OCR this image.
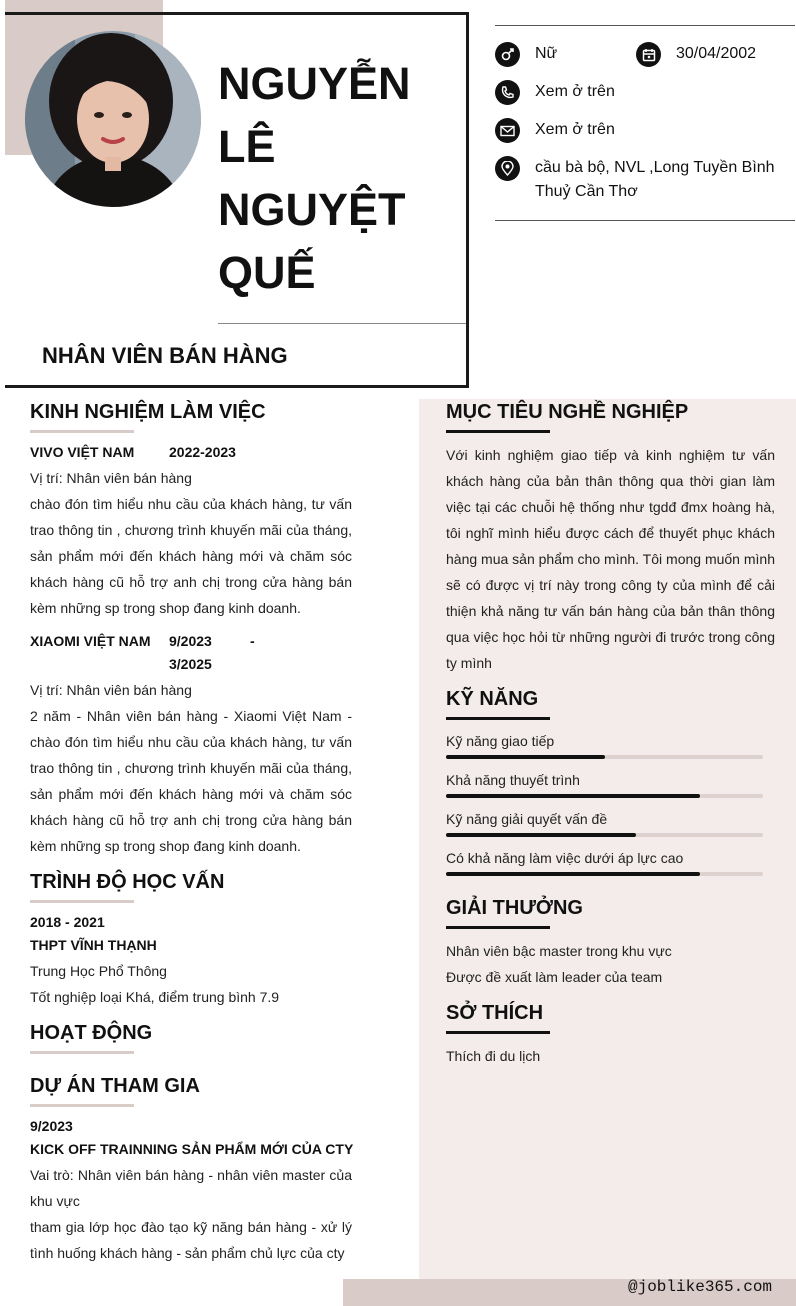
NGUYỄN
LÊ
NGUYỆT
QUẾ
NHÂN VIÊN BÁN HÀNG
Nữ	30/04/2002
Xem ở trên
Xem ở trên
cầu bà bộ, NVL ,Long Tuyền Bình Thuỷ Cần Thơ
KINH NGHIỆM LÀM VIỆC
VIVO VIỆT NAM 2022-2023
Vị trí: Nhân viên bán hàng
chào đón tìm hiểu nhu cầu của khách hàng, tư vấn trao thông tin , chương trình khuyến mãi của tháng, sản phẩm mới đến khách hàng mới và chăm sóc khách hàng cũ hỗ trợ anh chị trong cửa hàng bán kèm những sp trong shop đang kinh doanh.
XIAOMI VIỆT NAM 9/2023	-
3/2025
Vị trí: Nhân viên bán hàng
2 năm - Nhân viên bán hàng - Xiaomi Việt Nam - chào đón tìm hiểu nhu cầu của khách hàng, tư vấn trao thông tin , chương trình khuyến mãi của tháng, sản phẩm mới đến khách hàng mới và chăm sóc khách hàng cũ hỗ trợ anh chị trong cửa hàng bán kèm những sp trong shop đang kinh doanh.
TRÌNH ĐỘ HỌC VẤN
2018 - 2021
THPT VĨNH THẠNH
Trung Học Phổ Thông
Tốt nghiệp loại Khá, điểm trung bình 7.9
HOẠT ĐỘNG
DỰ ÁN THAM GIA
9/2023
KICK OFF TRAINNING SẢN PHẨM MỚI CỦA CTY
Vai trò: Nhân viên bán hàng - nhân viên master của khu vực
tham gia lớp học đào tạo kỹ năng bán hàng - xử lý tình huống khách hàng - sản phẩm chủ lực của cty
MỤC TIÊU NGHỀ NGHIỆP
Với kinh nghiệm giao tiếp và kinh nghiệm tư vấn khách hàng của bản thân thông qua thời gian làm việc tại các chuỗi hệ thống như tgdđ đmx hoàng hà, tôi nghĩ mình hiểu được cách để thuyết phục khách hàng mua sản phẩm cho mình. Tôi mong muốn mình sẽ có được vị trí này trong công ty của mình để cải thiện khả năng tư vấn bán hàng của bản thân thông qua việc học hỏi từ những người đi trước trong công ty mình
KỸ NĂNG
Kỹ năng giao tiếp
Khả năng thuyết trình
Kỹ năng giải quyết vấn đề
Có khả năng làm việc dưới áp lực cao
GIẢI THƯỞNG
Nhân viên bậc master trong khu vực
Được đề xuất làm leader của team
SỞ THÍCH
Thích đi du lịch
@joblike365.com
